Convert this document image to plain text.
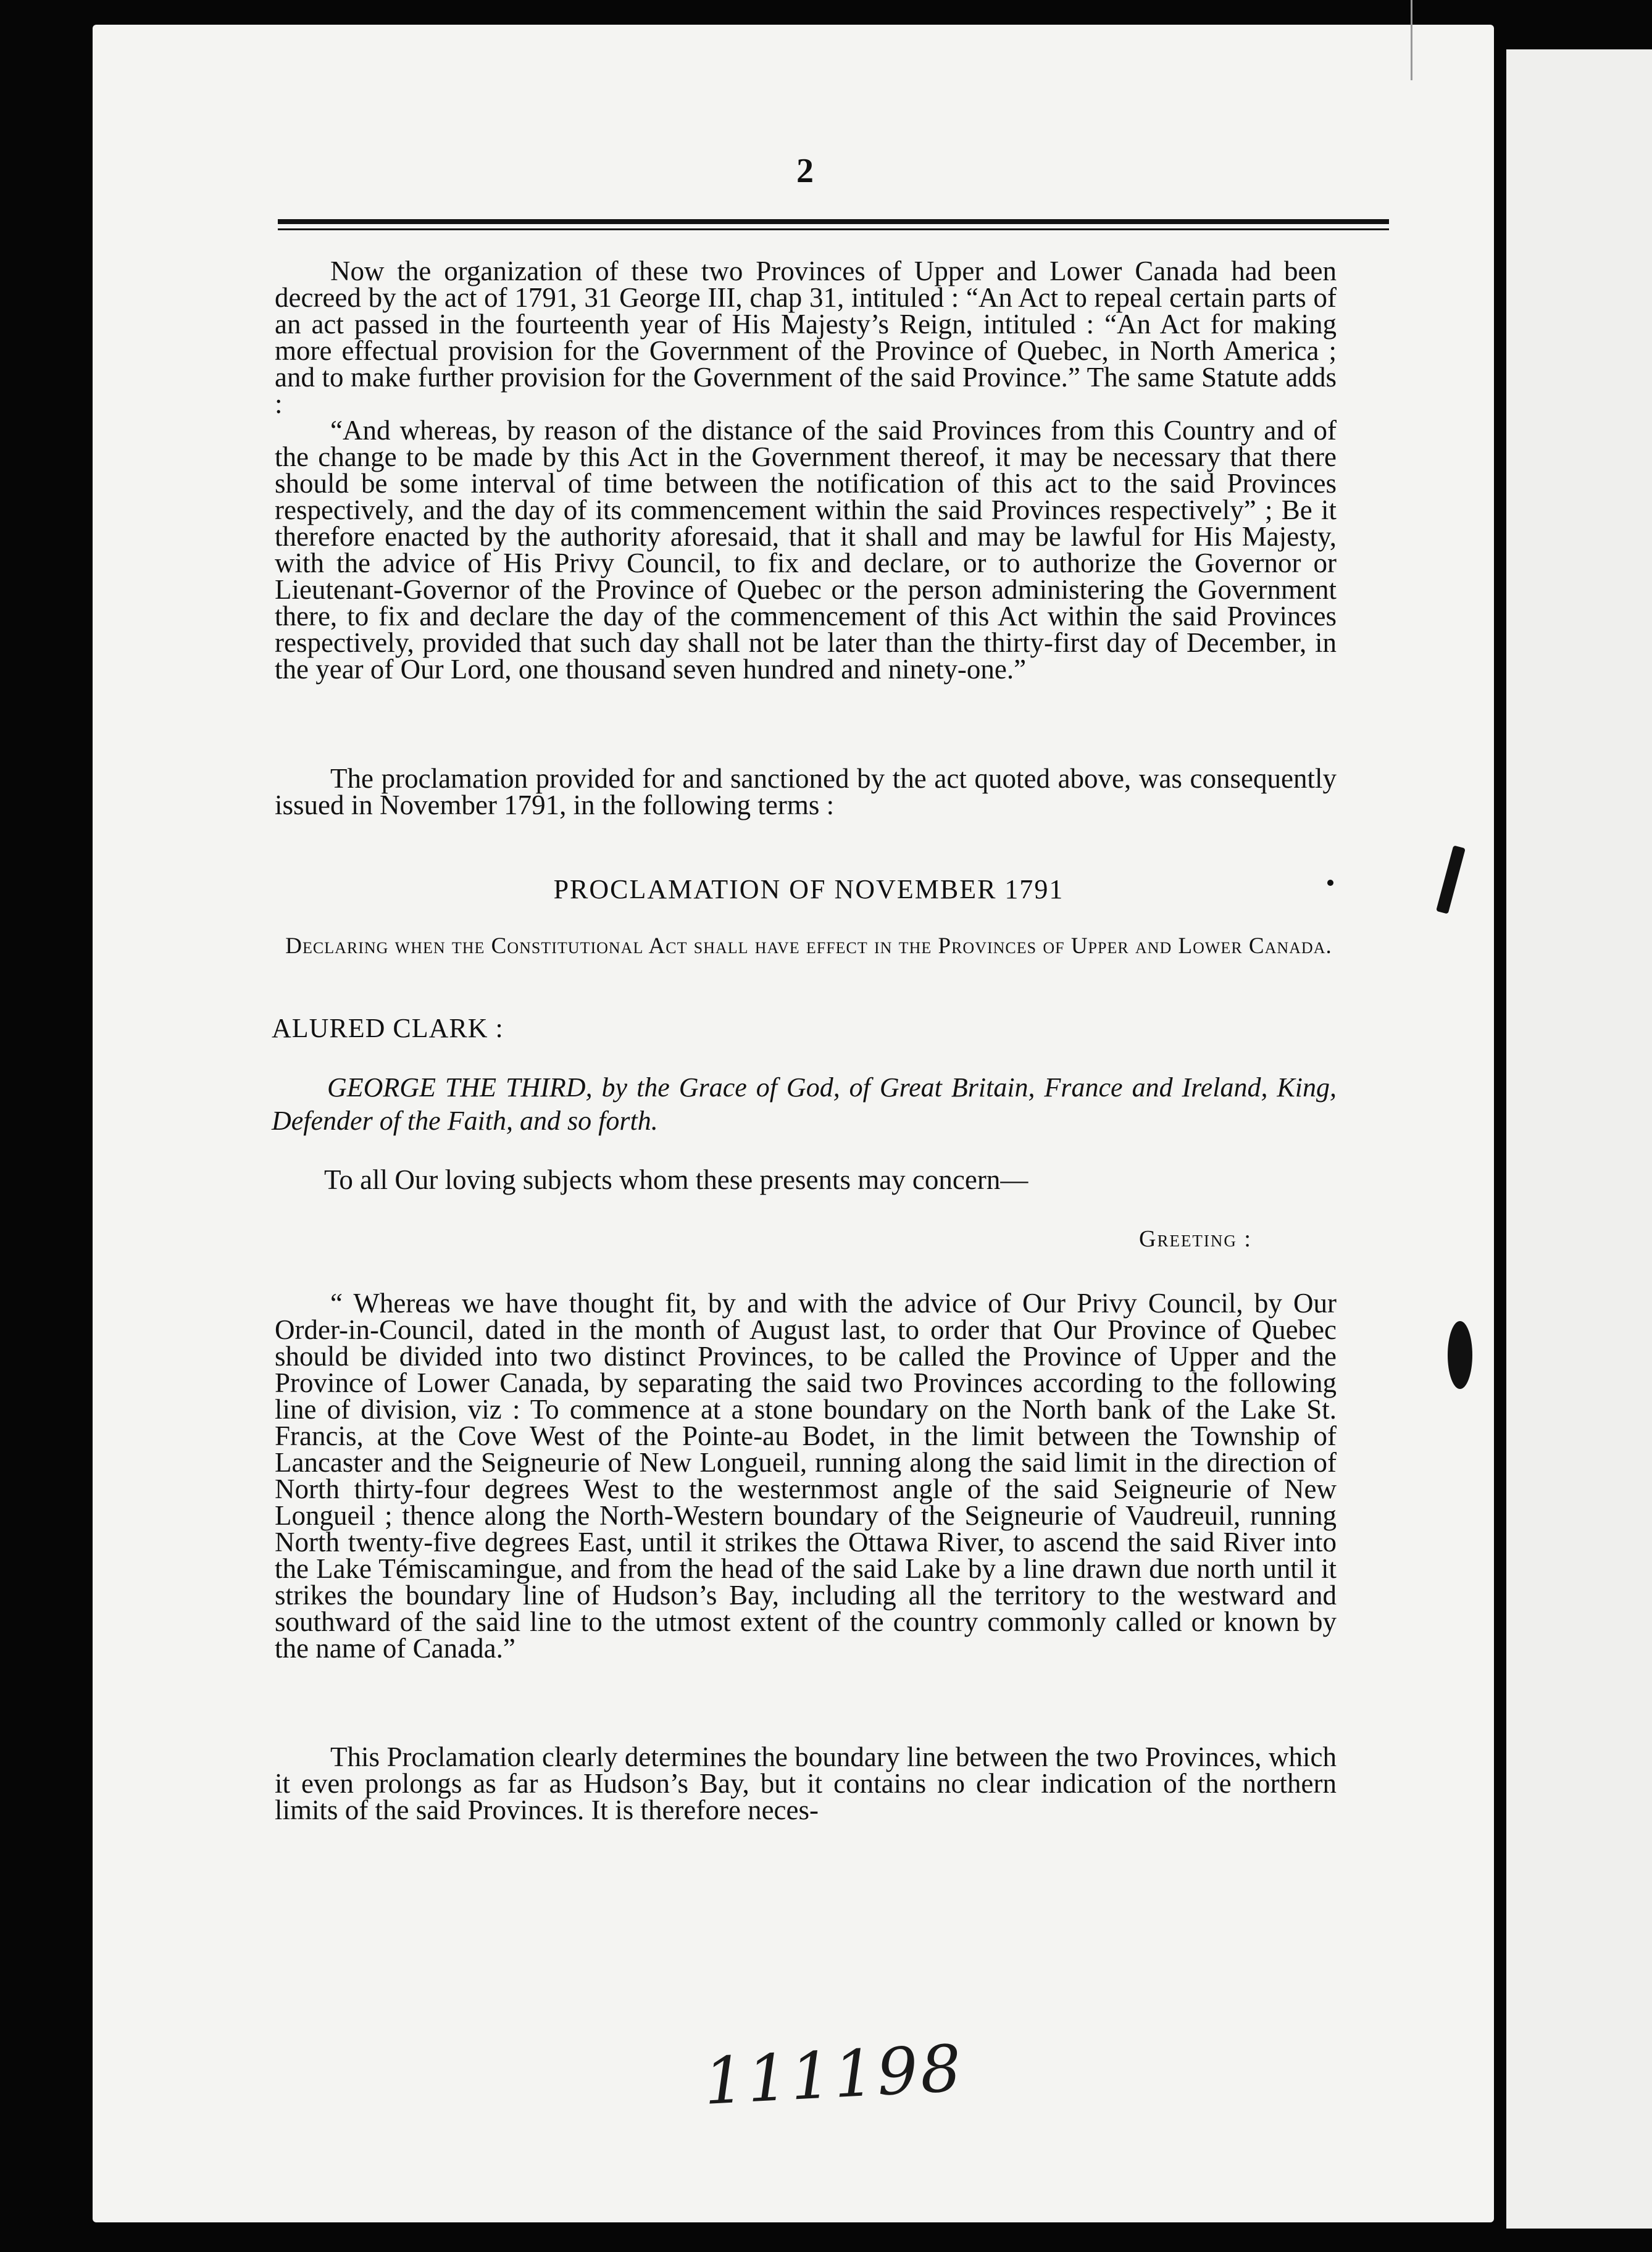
2

Now the organization of these two Provinces of Upper and Lower Canada had been decreed by the act of 1791, 31 George III, chap 31, intituled : “An Act to repeal certain parts of an act passed in the fourteenth year of His Majesty’s Reign, intituled : “An Act for making more effectual provision for the Government of the Province of Quebec, in North America ; and to make further provision for the Government of the said Province.” The same Statute adds :

“And whereas, by reason of the distance of the said Provinces from this Country and of the change to be made by this Act in the Government thereof, it may be necessary that there should be some interval of time between the notification of this act to the said Provinces respectively, and the day of its commencement within the said Provinces respectively” ; Be it therefore enacted by the authority aforesaid, that it shall and may be lawful for His Majesty, with the advice of His Privy Council, to fix and declare, or to authorize the Governor or Lieutenant-Governor of the Province of Quebec or the person administering the Government there, to fix and declare the day of the commencement of this Act within the said Provinces respectively, provided that such day shall not be later than the thirty-first day of December, in the year of Our Lord, one thousand seven hundred and ninety-one.”

The proclamation provided for and sanctioned by the act quoted above, was consequently issued in November 1791, in the following terms :

PROCLAMATION OF NOVEMBER 1791
Declaring when the Constitutional Act shall have effect in the Provinces of Upper and Lower Canada.
ALURED CLARK :

GEORGE THE THIRD, by the Grace of God, of Great Britain, France and Ireland, King, Defender of the Faith, and so forth.

To all Our loving subjects whom these presents may concern—
Greeting :

“ Whereas we have thought fit, by and with the advice of Our Privy Council, by Our Order-in-Council, dated in the month of August last, to order that Our Province of Quebec should be divided into two distinct Provinces, to be called the Province of Upper and the Province of Lower Canada, by separating the said two Provinces according to the following line of division, viz : To commence at a stone boundary on the North bank of the Lake St. Francis, at the Cove West of the Pointe-au Bodet, in the limit between the Township of Lancaster and the Seigneurie of New Longueil, running along the said limit in the direction of North thirty-four degrees West to the westernmost angle of the said Seigneurie of New Longueil ; thence along the North-Western boundary of the Seigneurie of Vaudreuil, running North twenty-five degrees East, until it strikes the Ottawa River, to ascend the said River into the Lake Témiscamingue, and from the head of the said Lake by a line drawn due north until it strikes the boundary line of Hudson’s Bay, including all the territory to the westward and southward of the said line to the utmost extent of the country commonly called or known by the name of Canada.”

This Proclamation clearly determines the boundary line between the two Provinces, which it even prolongs as far as Hudson’s Bay, but it contains no clear indication of the northern limits of the said Provinces. It is therefore neces-

111198
